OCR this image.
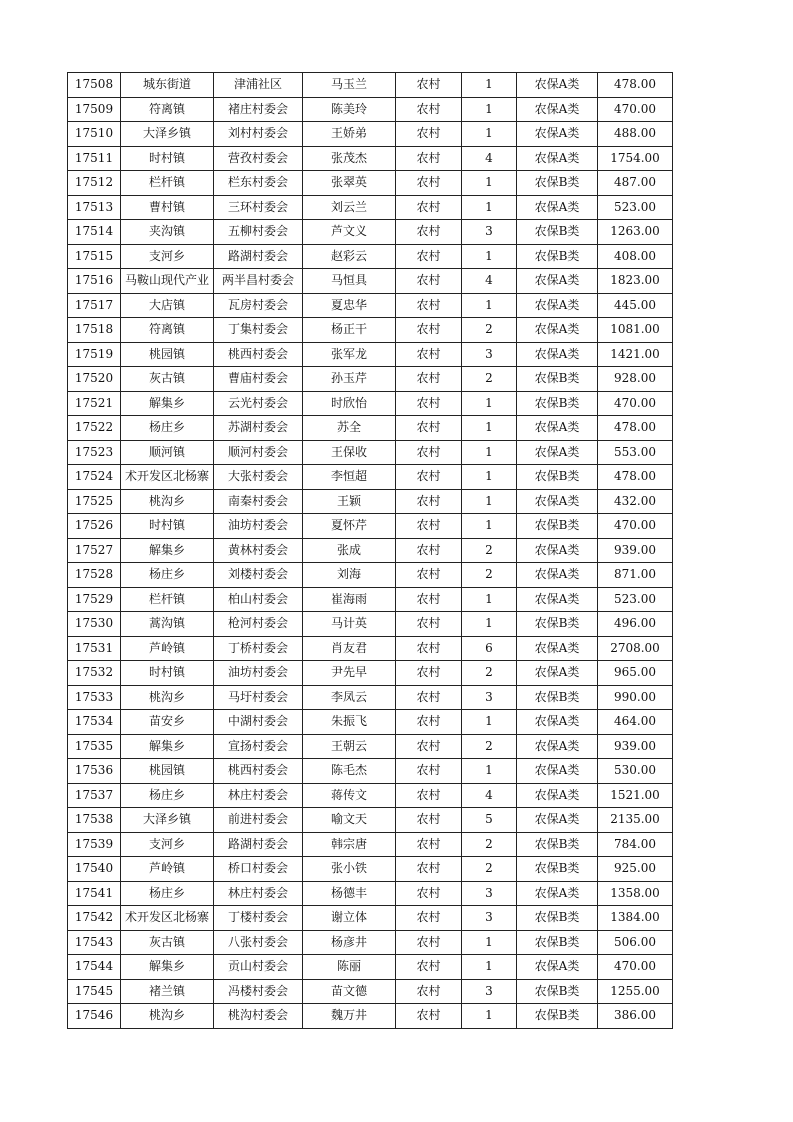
17508	城东街道	津浦社区	马玉兰	农村	1	农保A类	478.00
17509	符离镇	褚庄村委会	陈美玲	农村	1	农保A类	470.00
17510	大泽乡镇	刘村村委会	王娇弟	农村	1	农保A类	488.00
17511	时村镇	营孜村委会	张茂杰	农村	4	农保A类	1754.00
17512	栏杆镇	栏东村委会	张翠英	农村	1	农保B类	487.00
17513	曹村镇	三环村委会	刘云兰	农村	1	农保A类	523.00
17514	夹沟镇	五柳村委会	芦文义	农村	3	农保B类	1263.00
17515	支河乡	路湖村委会	赵彩云	农村	1	农保B类	408.00
17516	马鞍山现代产业	两半昌村委会	马恒具	农村	4	农保A类	1823.00
17517	大店镇	瓦房村委会	夏忠华	农村	1	农保A类	445.00
17518	符离镇	丁集村委会	杨正干	农村	2	农保A类	1081.00
17519	桃园镇	桃西村委会	张军龙	农村	3	农保A类	1421.00
17520	灰古镇	曹庙村委会	孙玉芹	农村	2	农保B类	928.00
17521	解集乡	云光村委会	时欣怡	农村	1	农保B类	470.00
17522	杨庄乡	苏湖村委会	苏全	农村	1	农保A类	478.00
17523	顺河镇	顺河村委会	王保收	农村	1	农保A类	553.00
17524	术开发区北杨寨	大张村委会	李恒超	农村	1	农保B类	478.00
17525	桃沟乡	南秦村委会	王颖	农村	1	农保A类	432.00
17526	时村镇	油坊村委会	夏怀芹	农村	1	农保B类	470.00
17527	解集乡	黄林村委会	张成	农村	2	农保A类	939.00
17528	杨庄乡	刘楼村委会	刘海	农村	2	农保A类	871.00
17529	栏杆镇	柏山村委会	崔海雨	农村	1	农保A类	523.00
17530	蒿沟镇	枪河村委会	马计英	农村	1	农保B类	496.00
17531	芦岭镇	丁桥村委会	肖友君	农村	6	农保A类	2708.00
17532	时村镇	油坊村委会	尹先早	农村	2	农保A类	965.00
17533	桃沟乡	马圩村委会	李凤云	农村	3	农保B类	990.00
17534	苗安乡	中湖村委会	朱振飞	农村	1	农保A类	464.00
17535	解集乡	宣扬村委会	王朝云	农村	2	农保A类	939.00
17536	桃园镇	桃西村委会	陈毛杰	农村	1	农保A类	530.00
17537	杨庄乡	林庄村委会	蒋传文	农村	4	农保A类	1521.00
17538	大泽乡镇	前进村委会	喻文天	农村	5	农保A类	2135.00
17539	支河乡	路湖村委会	韩宗唐	农村	2	农保B类	784.00
17540	芦岭镇	桥口村委会	张小铁	农村	2	农保B类	925.00
17541	杨庄乡	林庄村委会	杨德丰	农村	3	农保A类	1358.00
17542	术开发区北杨寨	丁楼村委会	谢立体	农村	3	农保B类	1384.00
17543	灰古镇	八张村委会	杨彦井	农村	1	农保B类	506.00
17544	解集乡	贡山村委会	陈丽	农村	1	农保A类	470.00
17545	褚兰镇	冯楼村委会	苗文德	农村	3	农保B类	1255.00
17546	桃沟乡	桃沟村委会	魏万井	农村	1	农保B类	386.00
